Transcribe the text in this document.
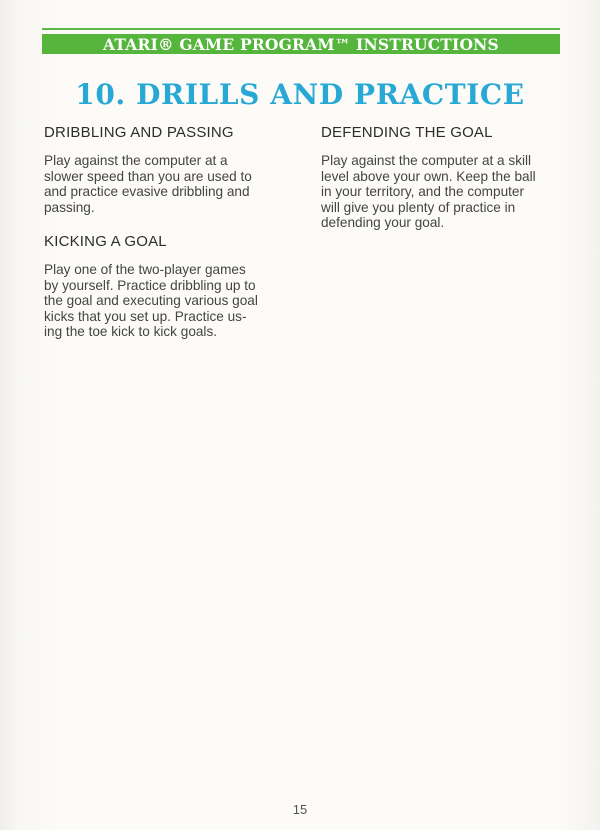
ATARI® GAME PROGRAM™ INSTRUCTIONS
10. DRILLS AND PRACTICE
DRIBBLING AND PASSING
Play against the computer at a
slower speed than you are used to
and practice evasive dribbling and
passing.
KICKING A GOAL
Play one of the two-player games
by yourself. Practice dribbling up to
the goal and executing various goal
kicks that you set up. Practice us-
ing the toe kick to kick goals.
DEFENDING THE GOAL
Play against the computer at a skill
level above your own. Keep the ball
in your territory, and the computer
will give you plenty of practice in
defending your goal.
15
